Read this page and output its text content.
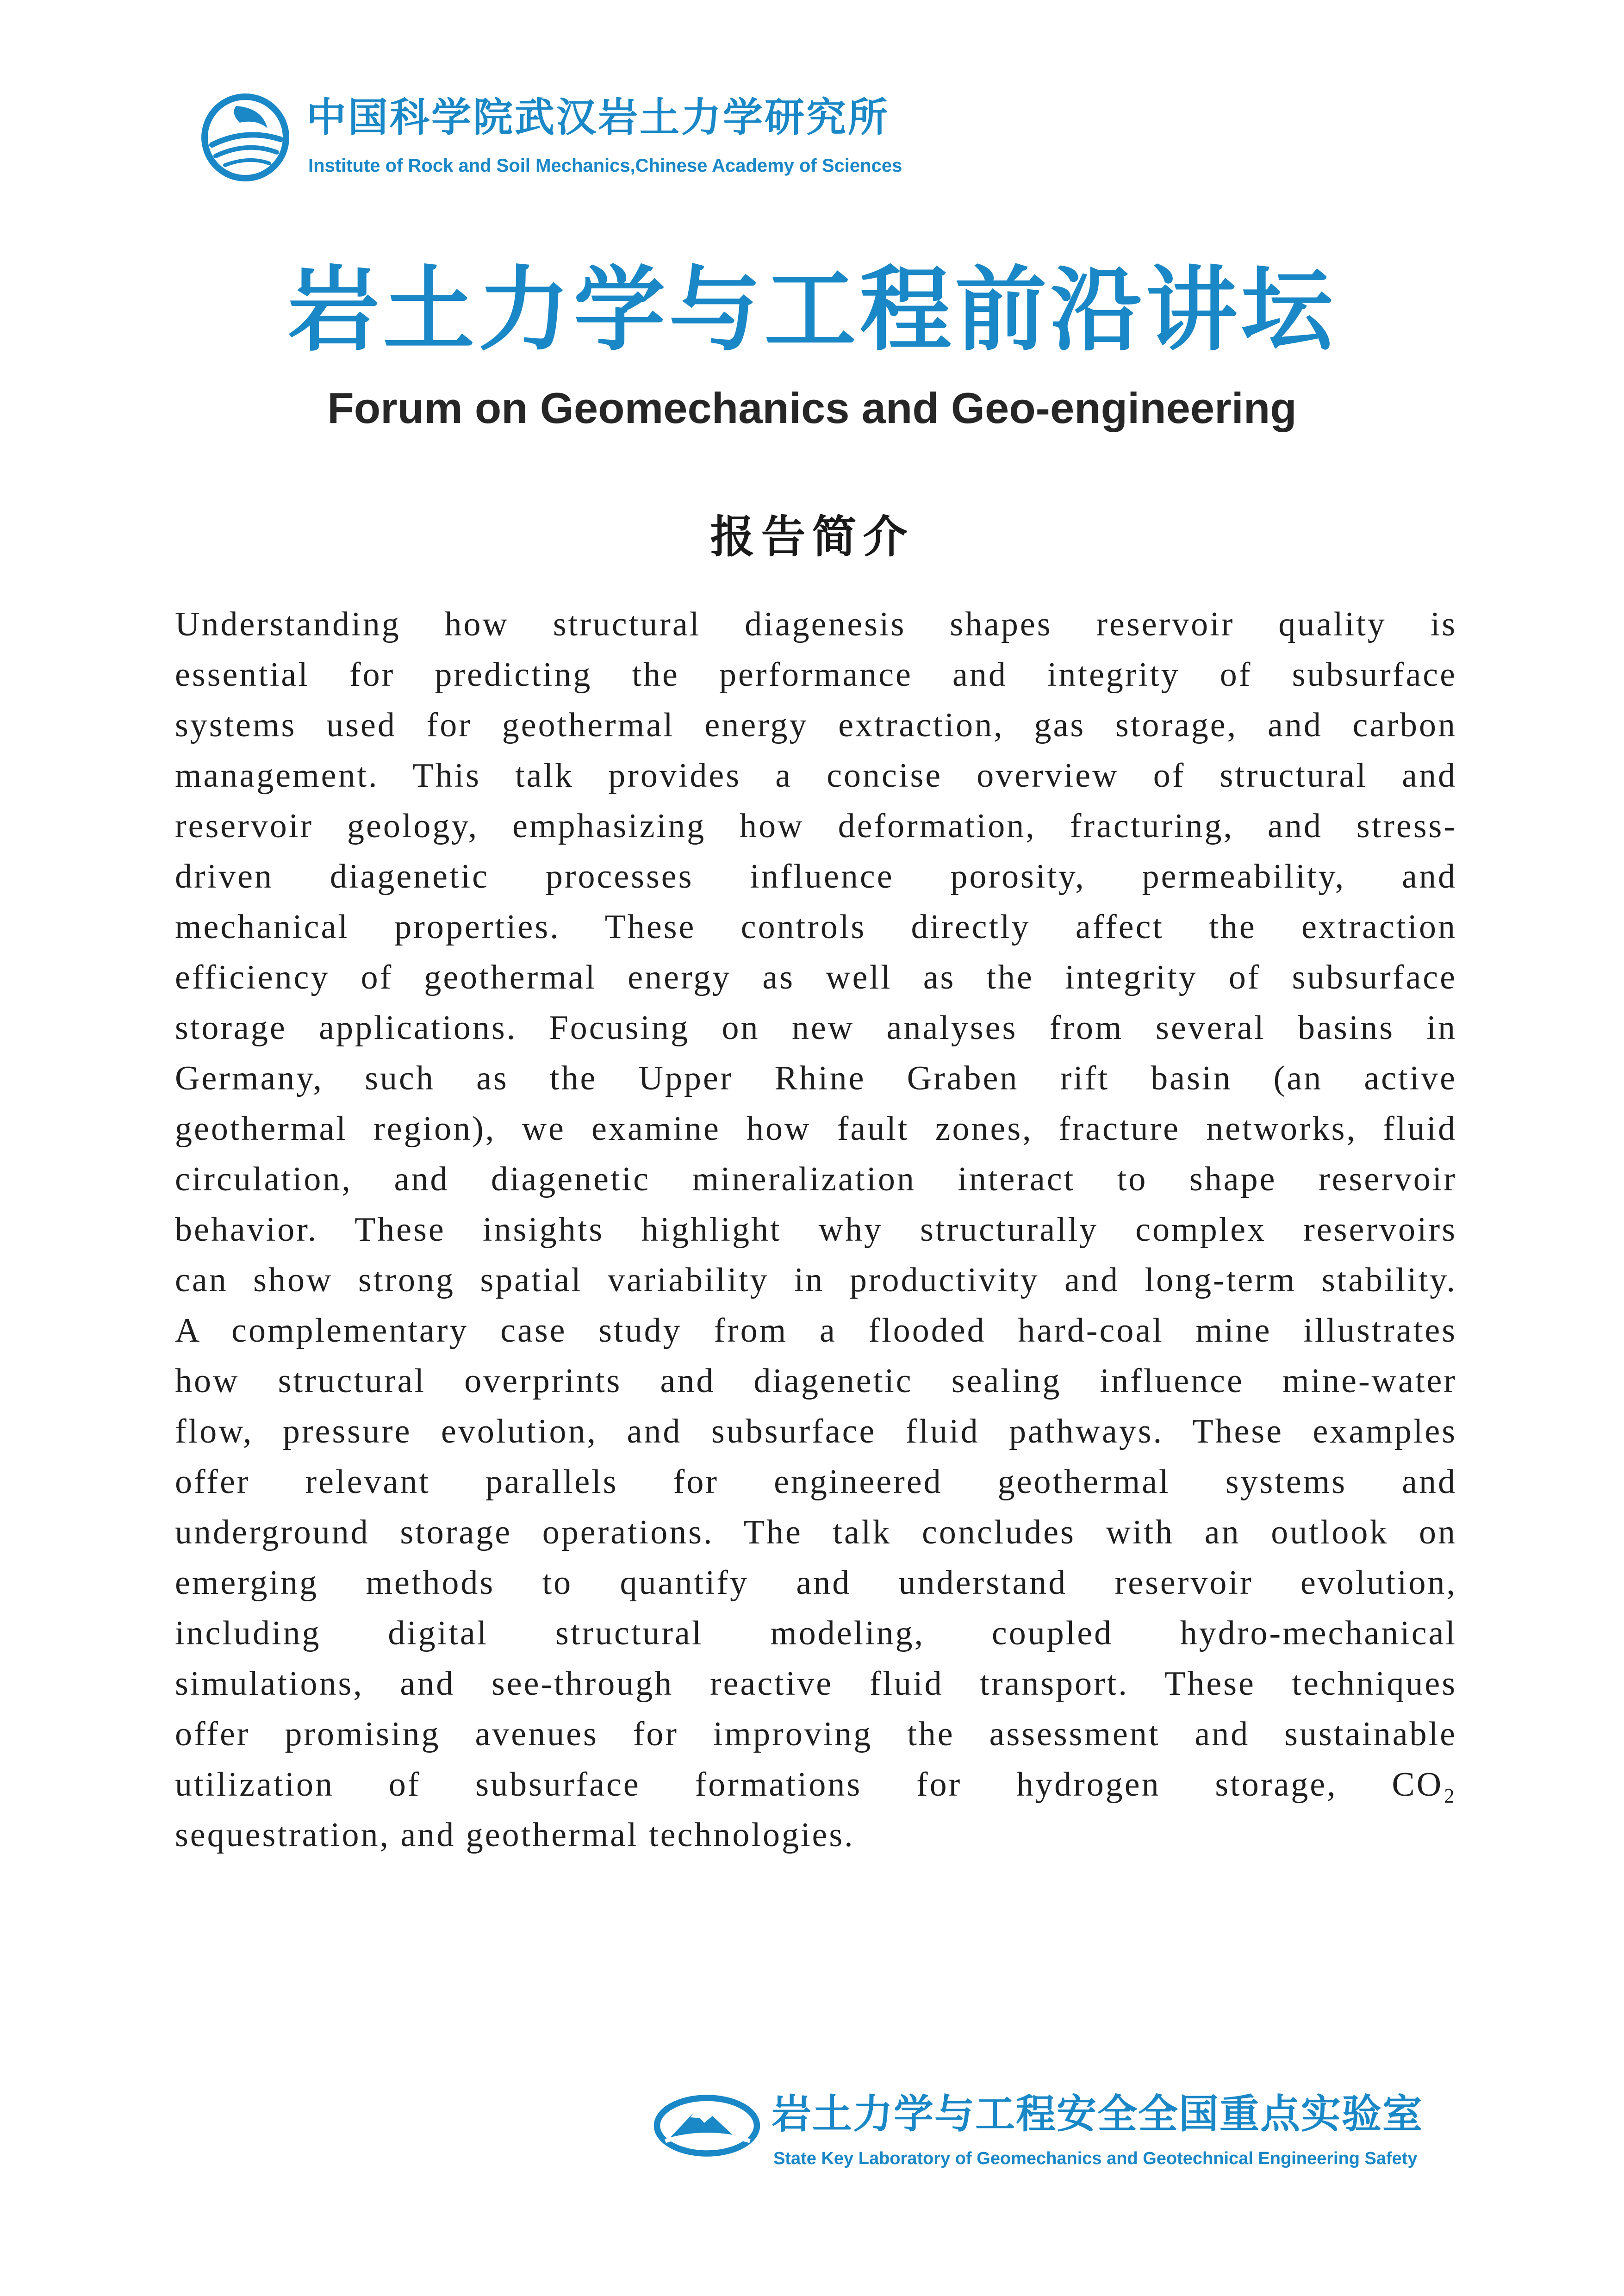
中国科学院武汉岩土力学研究所
Institute of Rock and Soil Mechanics,Chinese Academy of Sciences
岩土力学与工程前沿讲坛
Forum on Geomechanics and Geo-engineering
报告简介
Understanding how structural diagenesis shapes reservoir quality is
essential for predicting the performance and integrity of subsurface
systems used for geothermal energy extraction, gas storage, and carbon
management. This talk provides a concise overview of structural and
reservoir geology, emphasizing how deformation, fracturing, and stress-
driven diagenetic processes influence porosity, permeability, and
mechanical properties. These controls directly affect the extraction
efficiency of geothermal energy as well as the integrity of subsurface
storage applications. Focusing on new analyses from several basins in
Germany, such as the Upper Rhine Graben rift basin (an active
geothermal region), we examine how fault zones, fracture networks, fluid
circulation, and diagenetic mineralization interact to shape reservoir
behavior. These insights highlight why structurally complex reservoirs
can show strong spatial variability in productivity and long-term stability.
A complementary case study from a flooded hard-coal mine illustrates
how structural overprints and diagenetic sealing influence mine-water
flow, pressure evolution, and subsurface fluid pathways. These examples
offer relevant parallels for engineered geothermal systems and
underground storage operations. The talk concludes with an outlook on
emerging methods to quantify and understand reservoir evolution,
including digital structural modeling, coupled hydro-mechanical
simulations, and see-through reactive fluid transport. These techniques
offer promising avenues for improving the assessment and sustainable
utilization of subsurface formations for hydrogen storage, CO₂
sequestration, and geothermal technologies.
岩土力学与工程安全全国重点实验室
State Key Laboratory of Geomechanics and Geotechnical Engineering Safety
